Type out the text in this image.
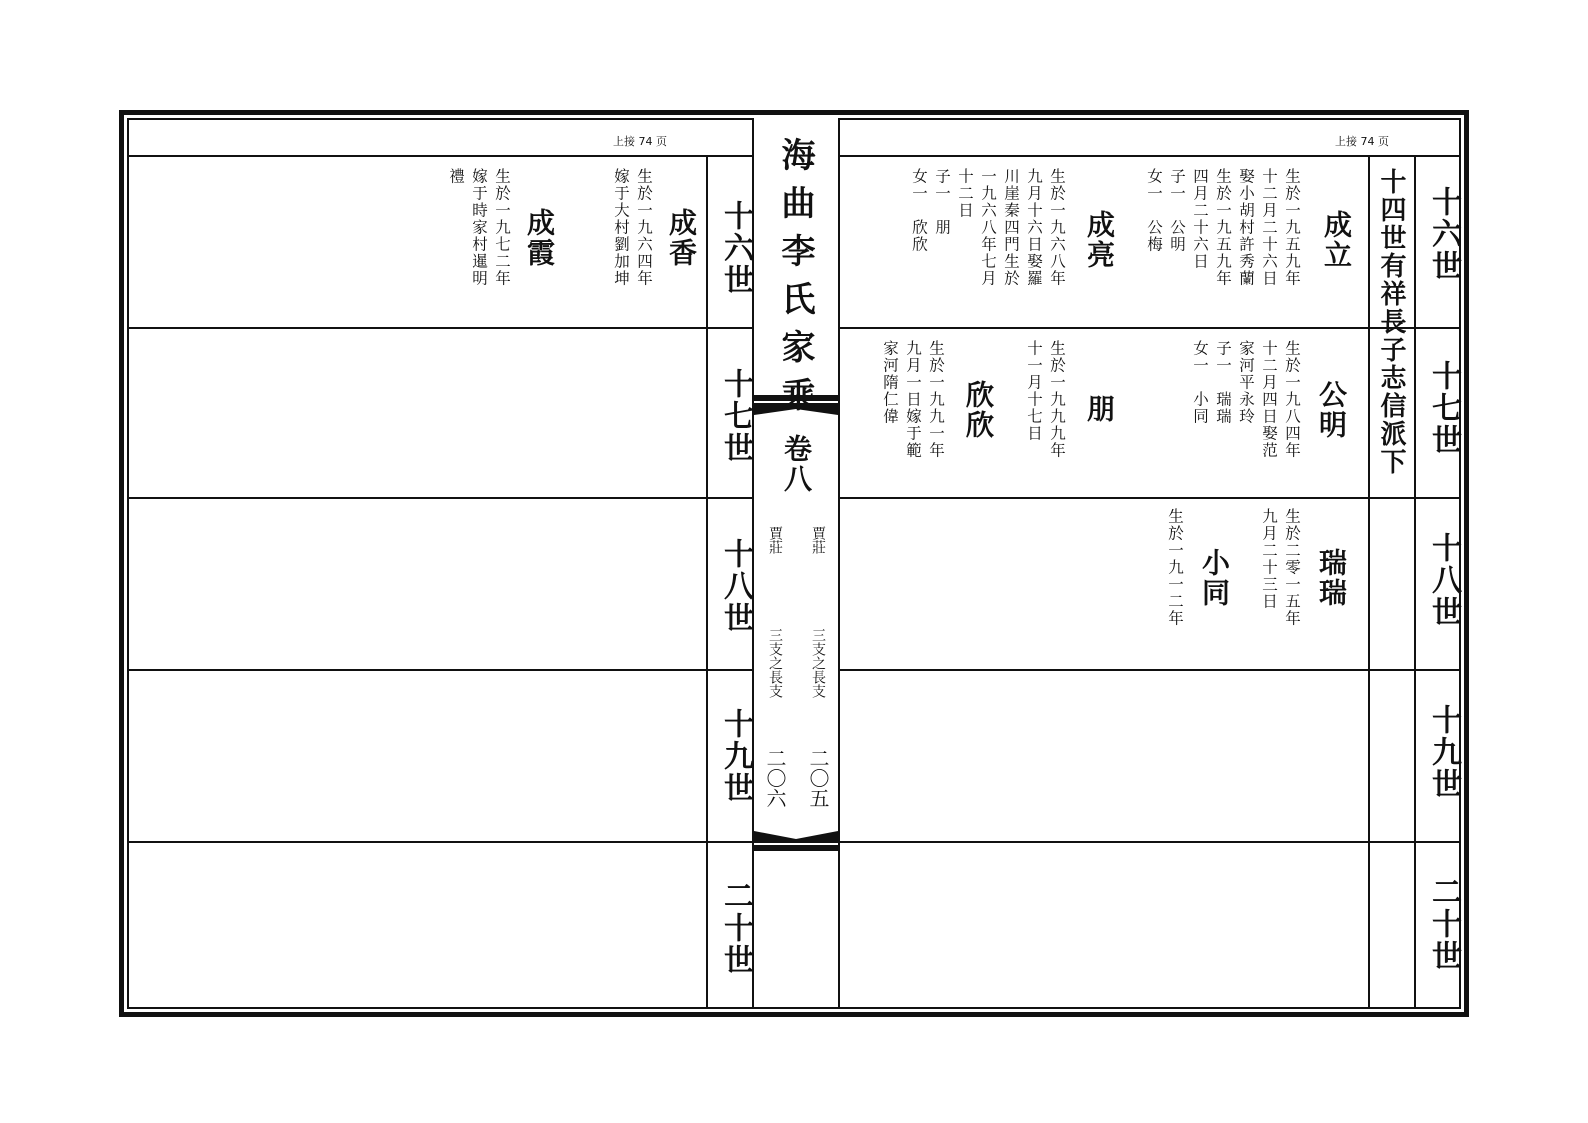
上接 74 页	上接 74 页
海曲李氏家乘
卷八
賈莊
三支之長支
二〇五
賈莊
三支之長支
二〇六
十四世有祥長子志信派下 十六世
十七世
十八世
十九世
二十世
十六世
十七世
十八世
十九世
二十世
成立
生於一九五九年
十二月二十六日
娶小胡村許秀蘭
生於一九五九年
四月二十六日
子一　公明
女一　公梅
成亮
生於一九六八年
九月十六日娶羅
川崖秦四門生於
一九六八年七月
十二日
子一　朋
女一　欣欣
公明
生於一九八四年
十二月四日娶范
家河平永玲
子一　瑞瑞
女一　小同
朋
生於一九九九年
十一月十七日
欣欣
生於一九九一年
九月一日嫁于範
家河隋仁偉
瑞瑞
生於二零一五年
九月二十三日
小同
生於一九一二年
成香
生於一九六四年
嫁于大村劉加坤
成霞
生於一九七二年
嫁于時家村暹明
禮
